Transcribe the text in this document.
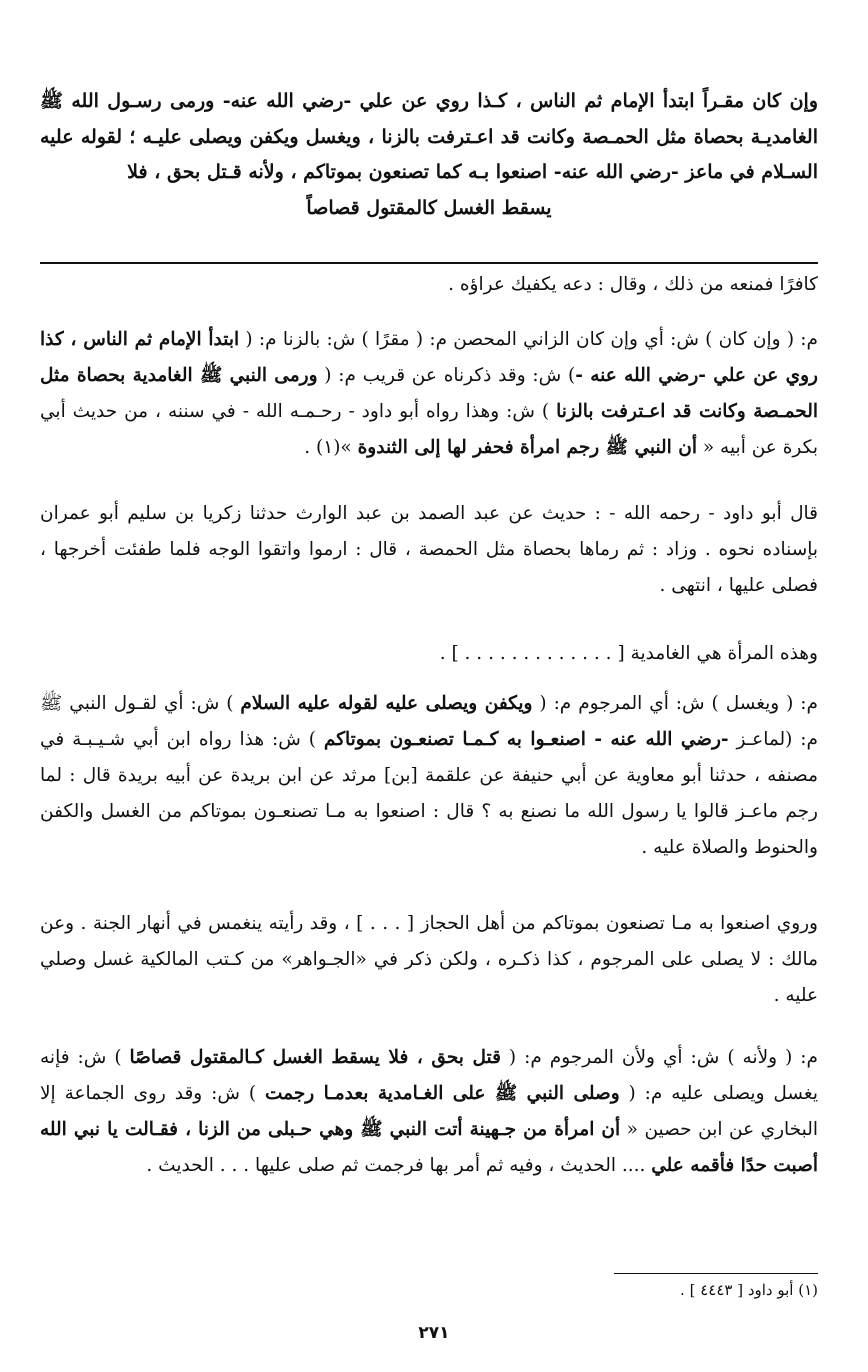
وإن كان مقـراً ابتدأ الإمام ثم الناس ، كـذا روي عن علي -رضي الله عنه- ورمى رسـول الله ﷺ الغامديـة بحصاة مثل الحمـصة وكانت قد اعـترفت بالزنا ، ويغسل ويكفن ويصلى عليـه ؛ لقوله عليه السـلام في ماعز -رضي الله عنه- اصنعوا بـه كما تصنعون بموتاكم ، ولأنه قـتل بحق ، فلا
يسقط الغسل كالمقتول قصاصاً

كافرًا فمنعه من ذلك ، وقال : دعه يكفيك عراؤه .

م: ( وإن كان ) ش: أي وإن كان الزاني المحصن م: ( مقرًا ) ش: بالزنا م: ( ابتدأ الإمام ثم الناس ، كذا روي عن علي -رضي الله عنه -) ش: وقد ذكرناه عن قريب م: ( ورمى النبي ﷺ الغامدية بحصاة مثل الحمـصة وكانت قد اعـترفت بالزنا ) ش: وهذا رواه أبو داود - رحـمـه الله - في سننه ، من حديث أبي بكرة عن أبيه « أن النبي ﷺ رجم امرأة فحفر لها إلى الثندوة »(١) .

قال أبو داود - رحمه الله - : حديث عن عبد الصمد بن عبد الوارث حدثنا زكريا بن سليم أبو عمران بإسناده نحوه . وزاد : ثم رماها بحصاة مثل الحمصة ، قال : ارموا واتقوا الوجه فلما طفئت أخرجها ، فصلى عليها ، انتهى .

وهذه المرأة هي الغامدية [ . . . . . . . . . . . . . ] .

م: ( ويغسل ) ش: أي المرجوم م: ( ويكفن ويصلى عليه لقوله عليه السلام ) ش: أي لقـول النبي ﷺ م: (لماعـز -رضي الله عنه - اصنعـوا به كـمـا تصنعـون بموتاكم ) ش: هذا رواه ابن أبي شـيـبـة في مصنفه ، حدثنا أبو معاوية عن أبي حنيفة عن علقمة [بن] مرثد عن ابن بريدة عن أبيه بريدة قال : لما رجم ماعـز قالوا يا رسول الله ما نصنع به ؟ قال : اصنعوا به مـا تصنعـون بموتاكم من الغسل والكفن والحنوط والصلاة عليه .

وروي اصنعوا به مـا تصنعون بموتاكم من أهل الحجاز [ . . . ] ، وقد رأيته ينغمس في أنهار الجنة . وعن مالك : لا يصلى على المرجوم ، كذا ذكـره ، ولكن ذكر في «الجـواهر» من كـتب المالكية غسل وصلي عليه .

م: ( ولأنه ) ش: أي ولأن المرجوم م: ( قتل بحق ، فلا يسقط الغسل كـالمقتول قصاصًا ) ش: فإنه يغسل ويصلى عليه م: ( وصلى النبي ﷺ على الغـامدية بعدمـا رجمت ) ش: وقد روى الجماعة إلا البخاري عن ابن حصين « أن امرأة من جـهينة أتت النبي ﷺ وهي حـبلى من الزنا ، فقـالت يا نبي الله أصبت حدًا فأقمه علي .... الحديث ، وفيه ثم أمر بها فرجمت ثم صلى عليها . . . الحديث .

(١) أبو داود [ ٤٤٤٣ ] .
٢٧١
